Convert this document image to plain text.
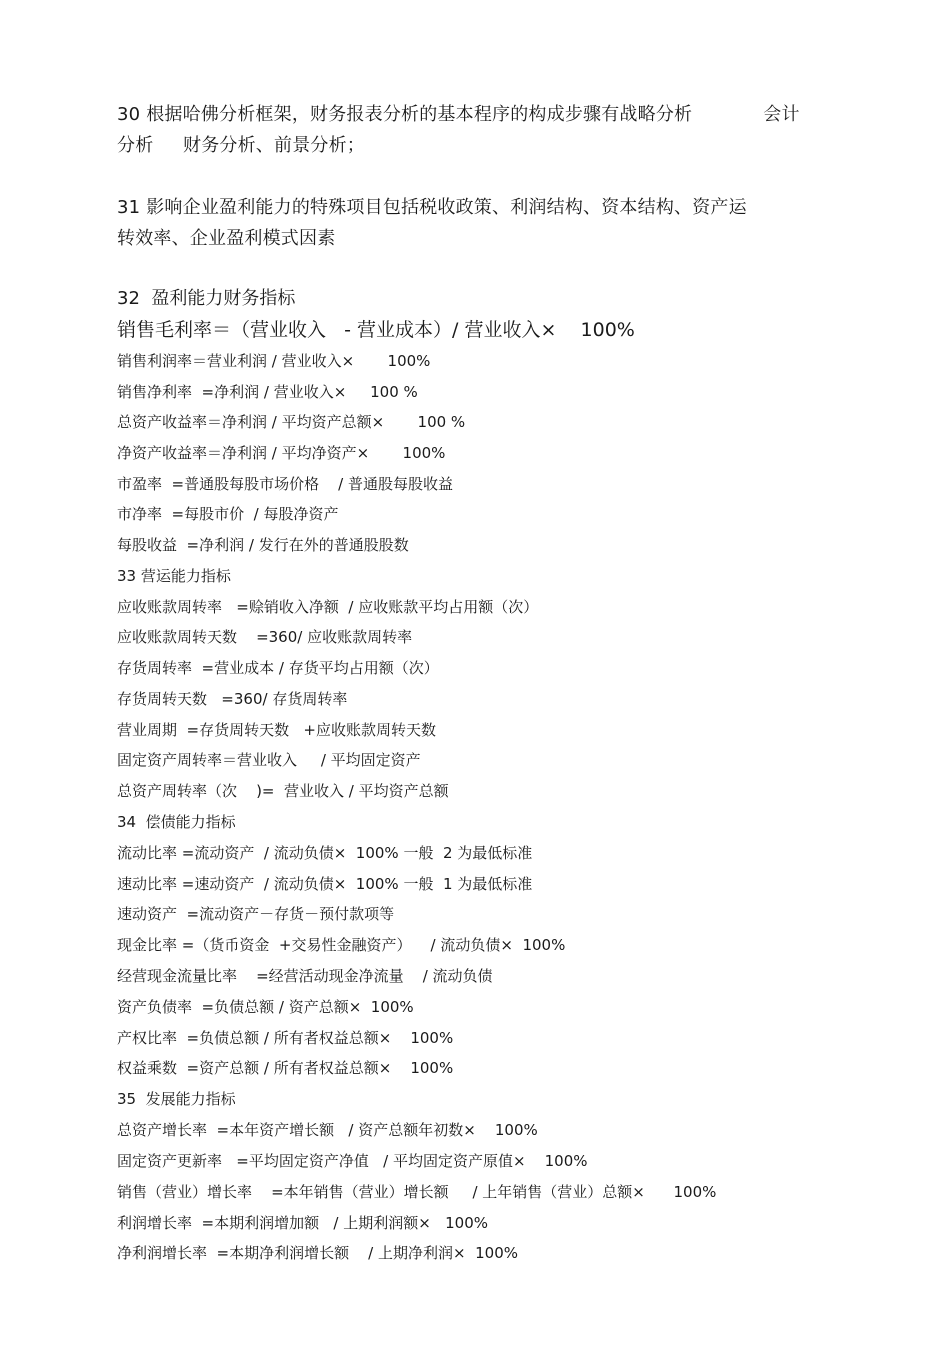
30 根据哈佛分析框架，财务报表分析的基本程序的构成步骤有战略分析            会计
分析     财务分析、前景分析；
31 影响企业盈利能力的特殊项目包括税收政策、利润结构、资本结构、资产运
转效率、企业盈利模式因素
32  盈利能力财务指标
销售毛利率＝（营业收入   - 营业成本）/ 营业收入×    100%
销售利润率＝营业利润 / 营业收入×       100%
销售净利率  =净利润 / 营业收入×     100 %
总资产收益率＝净利润 / 平均资产总额×       100 %
净资产收益率＝净利润 / 平均净资产×       100%
市盈率  =普通股每股市场价格    / 普通股每股收益
市净率  =每股市价  / 每股净资产
每股收益  =净利润 / 发行在外的普通股股数
33 营运能力指标
应收账款周转率   =赊销收入净额  / 应收账款平均占用额（次）
应收账款周转天数    =360/ 应收账款周转率
存货周转率  =营业成本 / 存货平均占用额（次）
存货周转天数   =360/ 存货周转率
营业周期  =存货周转天数   +应收账款周转天数
固定资产周转率＝营业收入     / 平均固定资产
总资产周转率（次    )=  营业收入 / 平均资产总额
34  偿债能力指标
流动比率 =流动资产  / 流动负债×  100% 一般  2 为最低标准
速动比率 =速动资产  / 流动负债×  100% 一般  1 为最低标准
速动资产  =流动资产－存货－预付款项等
现金比率 =（货币资金  +交易性金融资产）    / 流动负债×  100%
经营现金流量比率    =经营活动现金净流量    / 流动负债
资产负债率  =负债总额 / 资产总额×  100%
产权比率  =负债总额 / 所有者权益总额×    100%
权益乘数  =资产总额 / 所有者权益总额×    100%
35  发展能力指标
总资产增长率  =本年资产增长额   / 资产总额年初数×    100%
固定资产更新率   =平均固定资产净值   / 平均固定资产原值×    100%
销售（营业）增长率    =本年销售（营业）增长额     / 上年销售（营业）总额×      100%
利润增长率  =本期利润增加额   / 上期利润额×   100%
净利润增长率  =本期净利润增长额    / 上期净利润×  100%
